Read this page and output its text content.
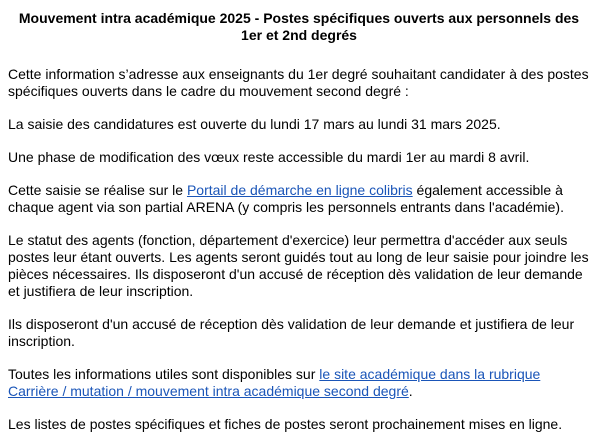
Mouvement intra académique 2025 - Postes spécifiques ouverts aux personnels des 1er et 2nd degrés

Cette information s’adresse aux enseignants du 1er degré souhaitant candidater à des postes spécifiques ouverts dans le cadre du mouvement second degré :

La saisie des candidatures est ouverte du lundi 17 mars au lundi 31 mars 2025.

Une phase de modification des vœux reste accessible du mardi 1er au mardi 8 avril.

Cette saisie se réalise sur le Portail de démarche en ligne colibris également accessible à chaque agent via son partial ARENA (y compris les personnels entrants dans l'académie).

Le statut des agents (fonction, département d'exercice) leur permettra d'accéder aux seuls postes leur étant ouverts. Les agents seront guidés tout au long de leur saisie pour joindre les pièces nécessaires. Ils disposeront d'un accusé de réception dès validation de leur demande et justifiera de leur inscription.

Ils disposeront d'un accusé de réception dès validation de leur demande et justifiera de leur inscription.

Toutes les informations utiles sont disponibles sur le site académique dans la rubrique Carrière / mutation / mouvement intra académique second degré.

Les listes de postes spécifiques et fiches de postes seront prochainement mises en ligne.
